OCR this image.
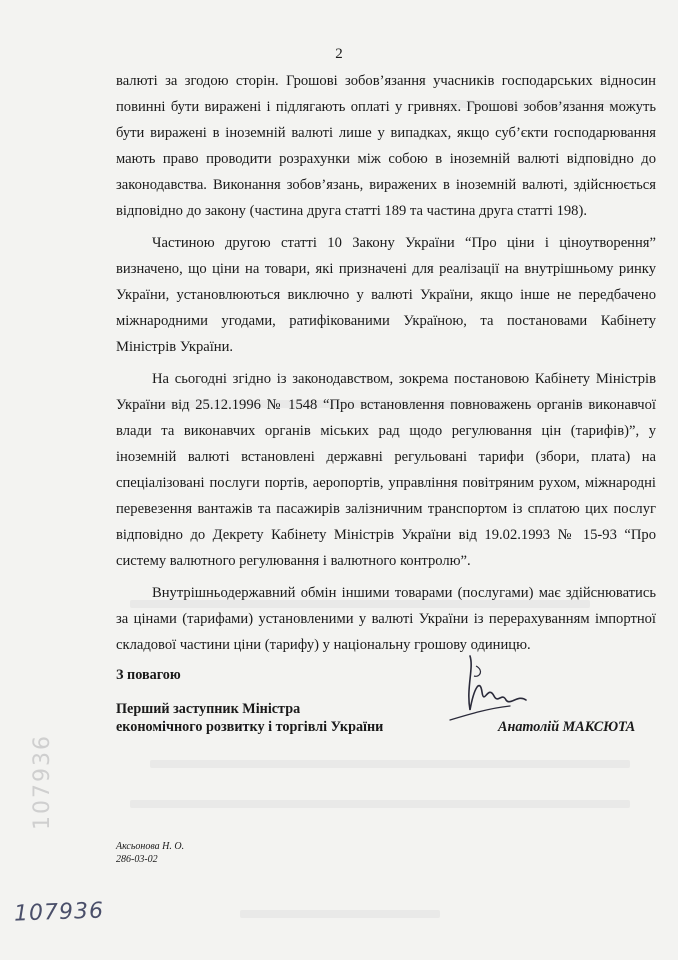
2

валюті за згодою сторін. Грошові зобов’язання учасників господарських відносин повинні бути виражені і підлягають оплаті у гривнях. Грошові зобов’язання можуть бути виражені в іноземній валюті лише у випадках, якщо суб’єкти господарювання мають право проводити розрахунки між собою в іноземній валюті відповідно до законодавства. Виконання зобов’язань, виражених в іноземній валюті, здійснюється відповідно до закону (частина друга статті 189 та частина друга статті 198).

Частиною другою статті 10 Закону України “Про ціни і ціноутворення” визначено, що ціни на товари, які призначені для реалізації на внутрішньому ринку України, установлюються виключно у валюті України, якщо інше не передбачено міжнародними угодами, ратифікованими Україною, та постановами Кабінету Міністрів України.

На сьогодні згідно із законодавством, зокрема постановою Кабінету Міністрів України від 25.12.1996 № 1548 “Про встановлення повноважень органів виконавчої влади та виконавчих органів міських рад щодо регулювання цін (тарифів)”, у іноземній валюті встановлені державні регульовані тарифи (збори, плата) на спеціалізовані послуги портів, аеропортів, управління повітряним рухом, міжнародні перевезення вантажів та пасажирів залізничним транспортом із сплатою цих послуг відповідно до Декрету Кабінету Міністрів України від 19.02.1993 № 15-93 “Про систему валютного регулювання і валютного контролю”.

Внутрішньодержавний обмін іншими товарами (послугами) має здійснюватись за цінами (тарифами) установленими у валюті України із перерахуванням імпортної складової частини ціни (тарифу) у національну грошову одиницю.

З повагою
Перший заступник Міністра
економічного розвитку і торгівлі України	Анатолій МАКСЮТА
Аксьонова Н. О.
286-03-02
107936
107936
